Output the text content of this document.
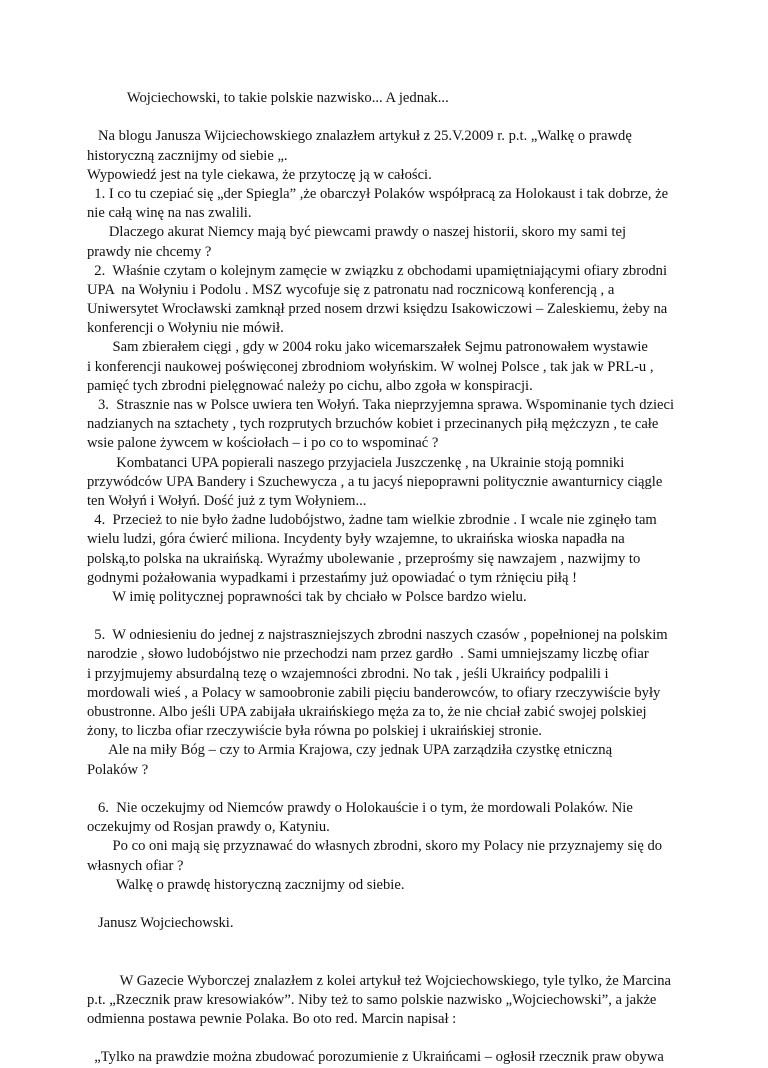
Wojciechowski, to takie polskie nazwisko... A jednak...
Na blogu Janusza Wijciechowskiego znalazłem artykuł z 25.V.2009 r. p.t. „Walkę o prawdę
historyczną zacznijmy od siebie „.
Wypowiedź jest na tyle ciekawa, że przytoczę ją w całości.
1. I co tu czepiać się „der Spiegla” ,że obarczył Polaków współpracą za Holokaust i tak dobrze, że
nie całą winę na nas zwalili.
Dlaczego akurat Niemcy mają być piewcami prawdy o naszej historii, skoro my sami tej
prawdy nie chcemy ?
2.  Właśnie czytam o kolejnym zamęcie w związku z obchodami upamiętniającymi ofiary zbrodni
UPA  na Wołyniu i Podolu . MSZ wycofuje się z patronatu nad rocznicową konferencją , a
Uniwersytet Wrocławski zamknął przed nosem drzwi księdzu Isakowiczowi – Zaleskiemu, żeby na
konferencji o Wołyniu nie mówił.
Sam zbierałem cięgi , gdy w 2004 roku jako wicemarszałek Sejmu patronowałem wystawie
i konferencji naukowej poświęconej zbrodniom wołyńskim. W wolnej Polsce , tak jak w PRL-u ,
pamięć tych zbrodni pielęgnować należy po cichu, albo zgoła w konspiracji.
3.  Strasznie nas w Polsce uwiera ten Wołyń. Taka nieprzyjemna sprawa. Wspominanie tych dzieci
nadzianych na sztachety , tych rozprutych brzuchów kobiet i przecinanych piłą mężczyzn , te całe
wsie palone żywcem w kościołach – i po co to wspominać ?
Kombatanci UPA popierali naszego przyjaciela Juszczenkę , na Ukrainie stoją pomniki
przywódców UPA Bandery i Szuchewycza , a tu jacyś niepoprawni politycznie awanturnicy ciągle
ten Wołyń i Wołyń. Dość już z tym Wołyniem...
4.  Przecież to nie było żadne ludobójstwo, żadne tam wielkie zbrodnie . I wcale nie zginęło tam
wielu ludzi, góra ćwierć miliona. Incydenty były wzajemne, to ukraińska wioska napadła na
polską,to polska na ukraińską. Wyraźmy ubolewanie , przeprośmy się nawzajem , nazwijmy to
godnymi pożałowania wypadkami i przestańmy już opowiadać o tym rżnięciu piłą !
W imię politycznej poprawności tak by chciało w Polsce bardzo wielu.
5.  W odniesieniu do jednej z najstraszniejszych zbrodni naszych czasów , popełnionej na polskim
narodzie , słowo ludobójstwo nie przechodzi nam przez gardło  . Sami umniejszamy liczbę ofiar
i przyjmujemy absurdalną tezę o wzajemności zbrodni. No tak , jeśli Ukraińcy podpalili i
mordowali wieś , a Polacy w samoobronie zabili pięciu banderowców, to ofiary rzeczywiście były
obustronne. Albo jeśli UPA zabijała ukraińskiego męża za to, że nie chciał zabić swojej polskiej
żony, to liczba ofiar rzeczywiście była równa po polskiej i ukraińskiej stronie.
Ale na miły Bóg – czy to Armia Krajowa, czy jednak UPA zarządziła czystkę etniczną
Polaków ?
6.  Nie oczekujmy od Niemców prawdy o Holokauście i o tym, że mordowali Polaków. Nie
oczekujmy od Rosjan prawdy o, Katyniu.
Po co oni mają się przyznawać do własnych zbrodni, skoro my Polacy nie przyznajemy się do
własnych ofiar ?
Walkę o prawdę historyczną zacznijmy od siebie.
Janusz Wojciechowski.
W Gazecie Wyborczej znalazłem z kolei artykuł też Wojciechowskiego, tyle tylko, że Marcina
p.t. „Rzecznik praw kresowiaków”. Niby też to samo polskie nazwisko „Wojciechowski”, a jakże
odmienna postawa pewnie Polaka. Bo oto red. Marcin napisał :
„Tylko na prawdzie można zbudować porozumienie z Ukraińcami – ogłosił rzecznik praw obywa
